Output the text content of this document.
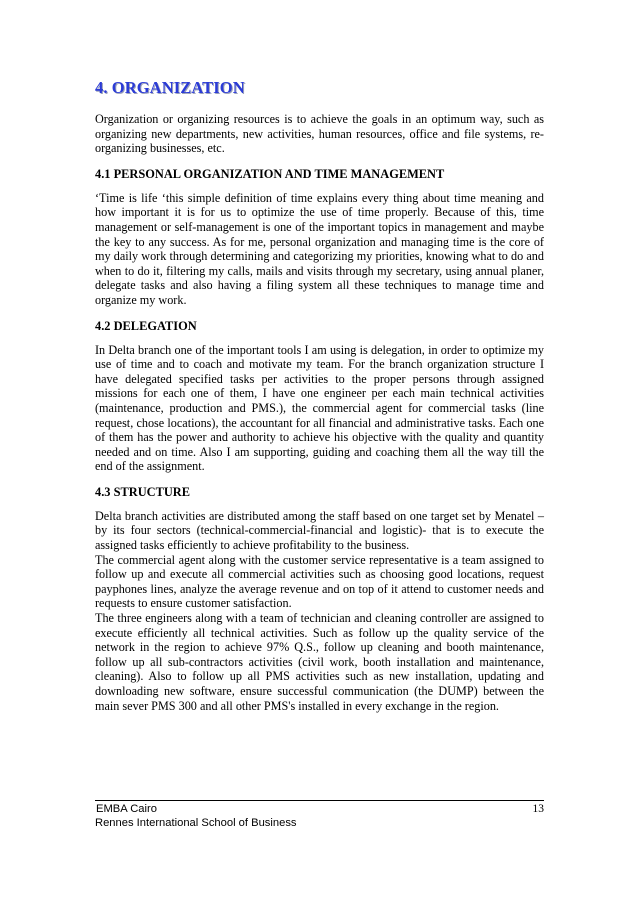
4. ORGANIZATION

Organization or organizing resources is to achieve the goals in an optimum way, such as organizing new departments, new activities, human resources, office and file systems, re-organizing businesses, etc.

4.1 PERSONAL ORGANIZATION AND TIME MANAGEMENT

‘Time is life ‘this simple definition of time explains every thing about time meaning and how important it is for us to optimize the use of time properly. Because of this, time management or self-management is one of the important topics in management and maybe the key to any success. As for me, personal organization and managing time is the core of my daily work through determining and categorizing my priorities, knowing what to do and when to do it, filtering my calls, mails and visits through my secretary, using annual planer, delegate tasks and also having a filing system all these techniques to manage time and organize my work.

4.2 DELEGATION

In Delta branch one of the important tools I am using is delegation, in order to optimize my use of time and to coach and motivate my team. For the branch organization structure I have delegated specified tasks per activities to the proper persons through assigned missions for each one of them, I have one engineer per each main technical activities (maintenance, production and PMS.), the commercial agent for commercial tasks (line request, chose locations), the accountant for all financial and administrative tasks. Each one of them has the power and authority to achieve his objective with the quality and quantity needed and on time. Also I am supporting, guiding and coaching them all the way till the end of the assignment.

4.3 STRUCTURE

Delta branch activities are distributed among the staff based on one target set by Menatel – by its four sectors (technical-commercial-financial and logistic)- that is to execute the assigned tasks efficiently to achieve profitability to the business.

The commercial agent along with the customer service representative is a team assigned to follow up and execute all commercial activities such as choosing good locations, request payphones lines, analyze the average revenue and on top of it attend to customer needs and requests to ensure customer satisfaction.

The three engineers along with a team of technician and cleaning controller are assigned to execute efficiently all technical activities. Such as follow up the quality service of the network in the region to achieve 97% Q.S., follow up cleaning and booth maintenance, follow up all sub-contractors activities (civil work, booth installation and maintenance, cleaning). Also to follow up all PMS activities such as new installation, updating and downloading new software, ensure successful communication (the DUMP) between the main sever PMS 300 and all other PMS's installed in every exchange in the region.

EMBA Cairo
Rennes International School of Business
13
